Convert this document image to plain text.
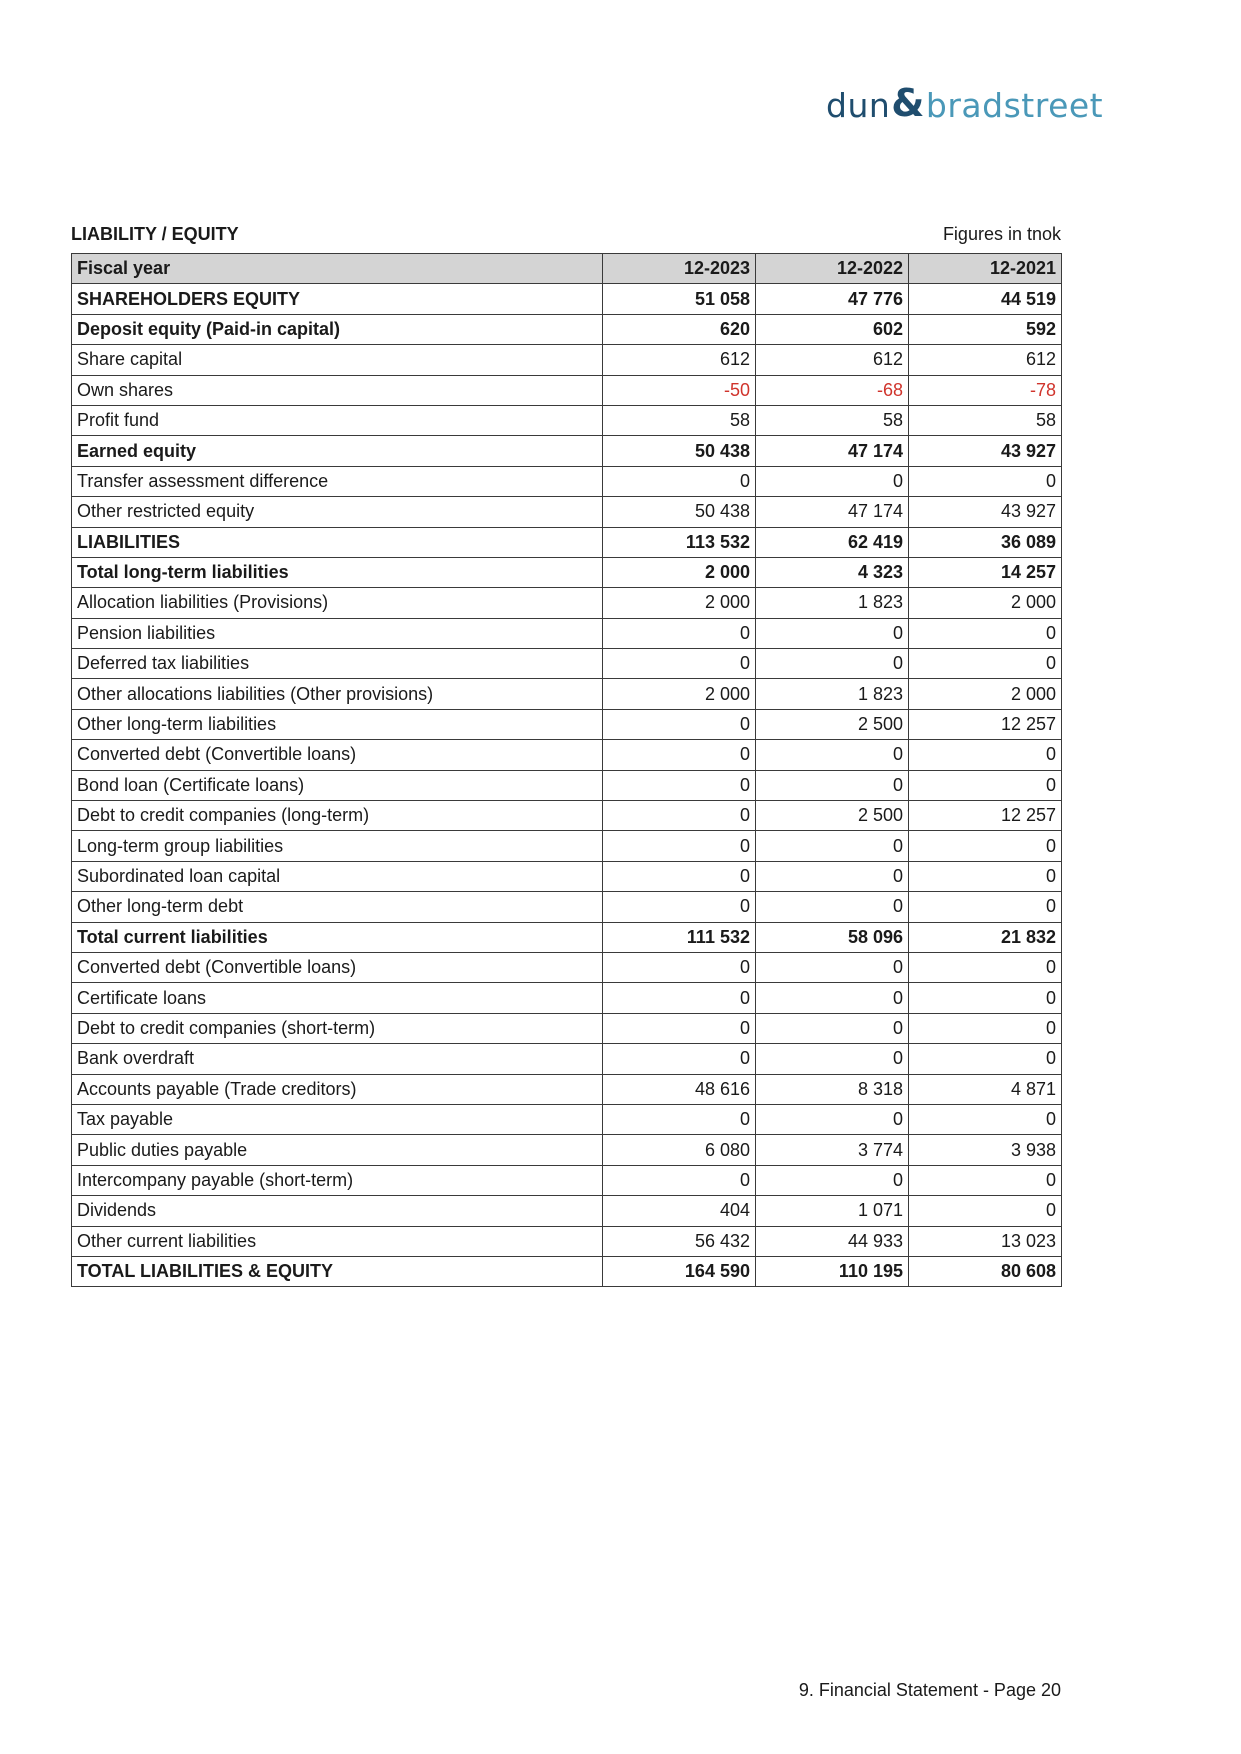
dun & bradstreet
LIABILITY / EQUITY	Figures in tnok
Fiscal year	12-2023	12-2022	12-2021
SHAREHOLDERS EQUITY	51 058	47 776	44 519
Deposit equity (Paid-in capital)	620	602	592
Share capital	612	612	612
Own shares	-50	-68	-78
Profit fund	58	58	58
Earned equity	50 438	47 174	43 927
Transfer assessment difference	0	0	0
Other restricted equity	50 438	47 174	43 927
LIABILITIES	113 532	62 419	36 089
Total long-term liabilities	2 000	4 323	14 257
Allocation liabilities (Provisions)	2 000	1 823	2 000
Pension liabilities	0	0	0
Deferred tax liabilities	0	0	0
Other allocations liabilities (Other provisions)	2 000	1 823	2 000
Other long-term liabilities	0	2 500	12 257
Converted debt (Convertible loans)	0	0	0
Bond loan (Certificate loans)	0	0	0
Debt to credit companies (long-term)	0	2 500	12 257
Long-term group liabilities	0	0	0
Subordinated loan capital	0	0	0
Other long-term debt	0	0	0
Total current liabilities	111 532	58 096	21 832
Converted debt (Convertible loans)	0	0	0
Certificate loans	0	0	0
Debt to credit companies (short-term)	0	0	0
Bank overdraft	0	0	0
Accounts payable (Trade creditors)	48 616	8 318	4 871
Tax payable	0	0	0
Public duties payable	6 080	3 774	3 938
Intercompany payable (short-term)	0	0	0
Dividends	404	1 071	0
Other current liabilities	56 432	44 933	13 023
TOTAL LIABILITIES & EQUITY	164 590	110 195	80 608
9. Financial Statement - Page 20
